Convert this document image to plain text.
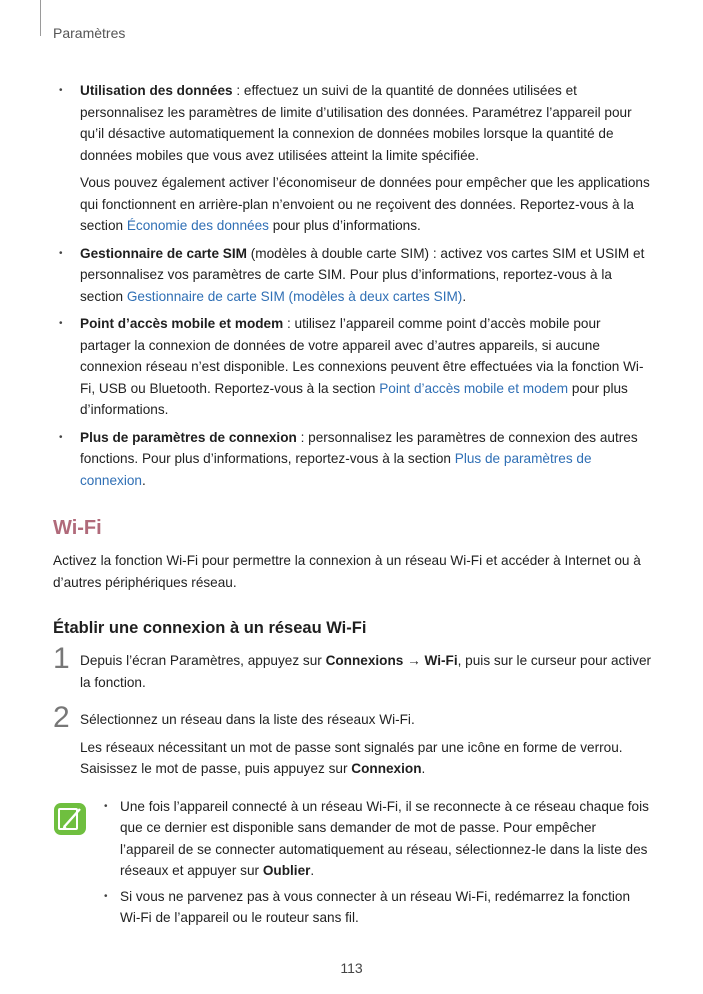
Paramètres

• Utilisation des données : effectuez un suivi de la quantité de données utilisées et personnalisez les paramètres de limite d’utilisation des données. Paramétrez l’appareil pour qu’il désactive automatiquement la connexion de données mobiles lorsque la quantité de données mobiles que vous avez utilisées atteint la limite spécifiée.

Vous pouvez également activer l’économiseur de données pour empêcher que les applications qui fonctionnent en arrière-plan n’envoient ou ne reçoivent des données. Reportez-vous à la section Économie des données pour plus d’informations.

• Gestionnaire de carte SIM (modèles à double carte SIM) : activez vos cartes SIM et USIM et personnalisez vos paramètres de carte SIM. Pour plus d’informations, reportez-vous à la section Gestionnaire de carte SIM (modèles à deux cartes SIM).

• Point d’accès mobile et modem : utilisez l’appareil comme point d’accès mobile pour partager la connexion de données de votre appareil avec d’autres appareils, si aucune connexion réseau n’est disponible. Les connexions peuvent être effectuées via la fonction Wi-Fi, USB ou Bluetooth. Reportez-vous à la section Point d’accès mobile et modem pour plus d’informations.

• Plus de paramètres de connexion : personnalisez les paramètres de connexion des autres fonctions. Pour plus d’informations, reportez-vous à la section Plus de paramètres de connexion.

Wi-Fi

Activez la fonction Wi-Fi pour permettre la connexion à un réseau Wi-Fi et accéder à Internet ou à d’autres périphériques réseau.

Établir une connexion à un réseau Wi-Fi
1 Depuis l’écran Paramètres, appuyez sur Connexions → Wi-Fi, puis sur le curseur pour activer la fonction.

2 Sélectionnez un réseau dans la liste des réseaux Wi-Fi.

Les réseaux nécessitant un mot de passe sont signalés par une icône en forme de verrou. Saisissez le mot de passe, puis appuyez sur Connexion.

• Une fois l’appareil connecté à un réseau Wi-Fi, il se reconnecte à ce réseau chaque fois que ce dernier est disponible sans demander de mot de passe. Pour empêcher l’appareil de se connecter automatiquement au réseau, sélectionnez-le dans la liste des réseaux et appuyer sur Oublier.
• Si vous ne parvenez pas à vous connecter à un réseau Wi-Fi, redémarrez la fonction Wi-Fi de l’appareil ou le routeur sans fil.
113
